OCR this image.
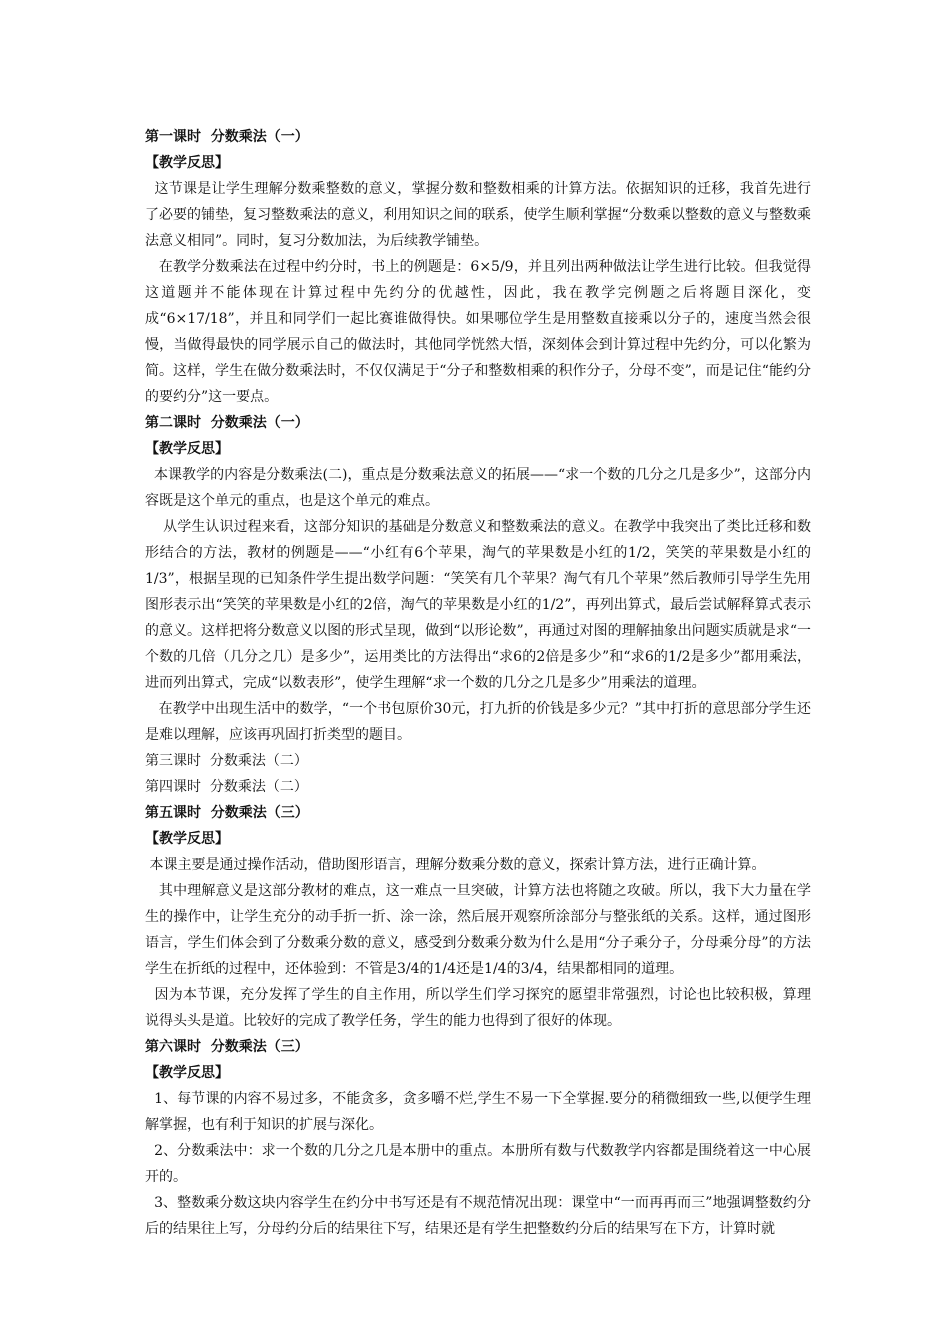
第一课时  分数乘法（一）
【教学反思】

这节课是让学生理解分数乘整数的意义，掌握分数和整数相乘的计算方法。依据知识的迁移，我首先进行了必要的铺垫，复习整数乘法的意义，利用知识之间的联系，使学生顺利掌握“分数乘以整数的意义与整数乘法意义相同”。同时，复习分数加法，为后续教学铺垫。

在教学分数乘法在过程中约分时，书上的例题是：6×5/9，并且列出两种做法让学生进行比较。但我觉得这道题并不能体现在计算过程中先约分的优越性，因此，我在教学完例题之后将题目深化，变成“6×17/18”，并且和同学们一起比赛谁做得快。如果哪位学生是用整数直接乘以分子的，速度当然会很慢，当做得最快的同学展示自己的做法时，其他同学恍然大悟，深刻体会到计算过程中先约分，可以化繁为简。这样，学生在做分数乘法时，不仅仅满足于“分子和整数相乘的积作分子，分母不变”，而是记住“能约分的要约分”这一要点。

第二课时  分数乘法（一）
【教学反思】

本课教学的内容是分数乘法(二)，重点是分数乘法意义的拓展——“求一个数的几分之几是多少”，这部分内容既是这个单元的重点，也是这个单元的难点。

从学生认识过程来看，这部分知识的基础是分数意义和整数乘法的意义。在教学中我突出了类比迁移和数形结合的方法，教材的例题是——“小红有6个苹果，淘气的苹果数是小红的1/2，笑笑的苹果数是小红的1/3”，根据呈现的已知条件学生提出数学问题：“笑笑有几个苹果？淘气有几个苹果”然后教师引导学生先用图形表示出“笑笑的苹果数是小红的2倍，淘气的苹果数是小红的1/2”，再列出算式，最后尝试解释算式表示的意义。这样把将分数意义以图的形式呈现，做到“以形论数”，再通过对图的理解抽象出问题实质就是求“一个数的几倍（几分之几）是多少”，运用类比的方法得出“求6的2倍是多少”和“求6的1/2是多少”都用乘法，进而列出算式，完成“以数表形”，使学生理解“求一个数的几分之几是多少”用乘法的道理。

在教学中出现生活中的数学，“一个书包原价30元，打九折的价钱是多少元？”其中打折的意思部分学生还是难以理解，应该再巩固打折类型的题目。

第三课时  分数乘法（二）
第四课时  分数乘法（二）
第五课时  分数乘法（三）
【教学反思】

本课主要是通过操作活动，借助图形语言，理解分数乘分数的意义，探索计算方法，进行正确计算。

其中理解意义是这部分教材的难点，这一难点一旦突破，计算方法也将随之攻破。所以，我下大力量在学生的操作中，让学生充分的动手折一折、涂一涂，然后展开观察所涂部分与整张纸的关系。这样，通过图形语言，学生们体会到了分数乘分数的意义，感受到分数乘分数为什么是用“分子乘分子，分母乘分母”的方法学生在折纸的过程中，还体验到：不管是3/4的1/4还是1/4的3/4，结果都相同的道理。

因为本节课，充分发挥了学生的自主作用，所以学生们学习探究的愿望非常强烈，讨论也比较积极，算理说得头头是道。比较好的完成了教学任务，学生的能力也得到了很好的体现。

第六课时  分数乘法（三）
【教学反思】

1、每节课的内容不易过多，不能贪多，贪多嚼不烂,学生不易一下全掌握.要分的稍微细致一些,以便学生理解掌握，也有利于知识的扩展与深化。

2、分数乘法中：求一个数的几分之几是本册中的重点。本册所有数与代数教学内容都是围绕着这一中心展开的。

3、整数乘分数这块内容学生在约分中书写还是有不规范情况出现：课堂中“一而再再而三”地强调整数约分后的结果往上写，分母约分后的结果往下写，结果还是有学生把整数约分后的结果写在下方，计算时就
